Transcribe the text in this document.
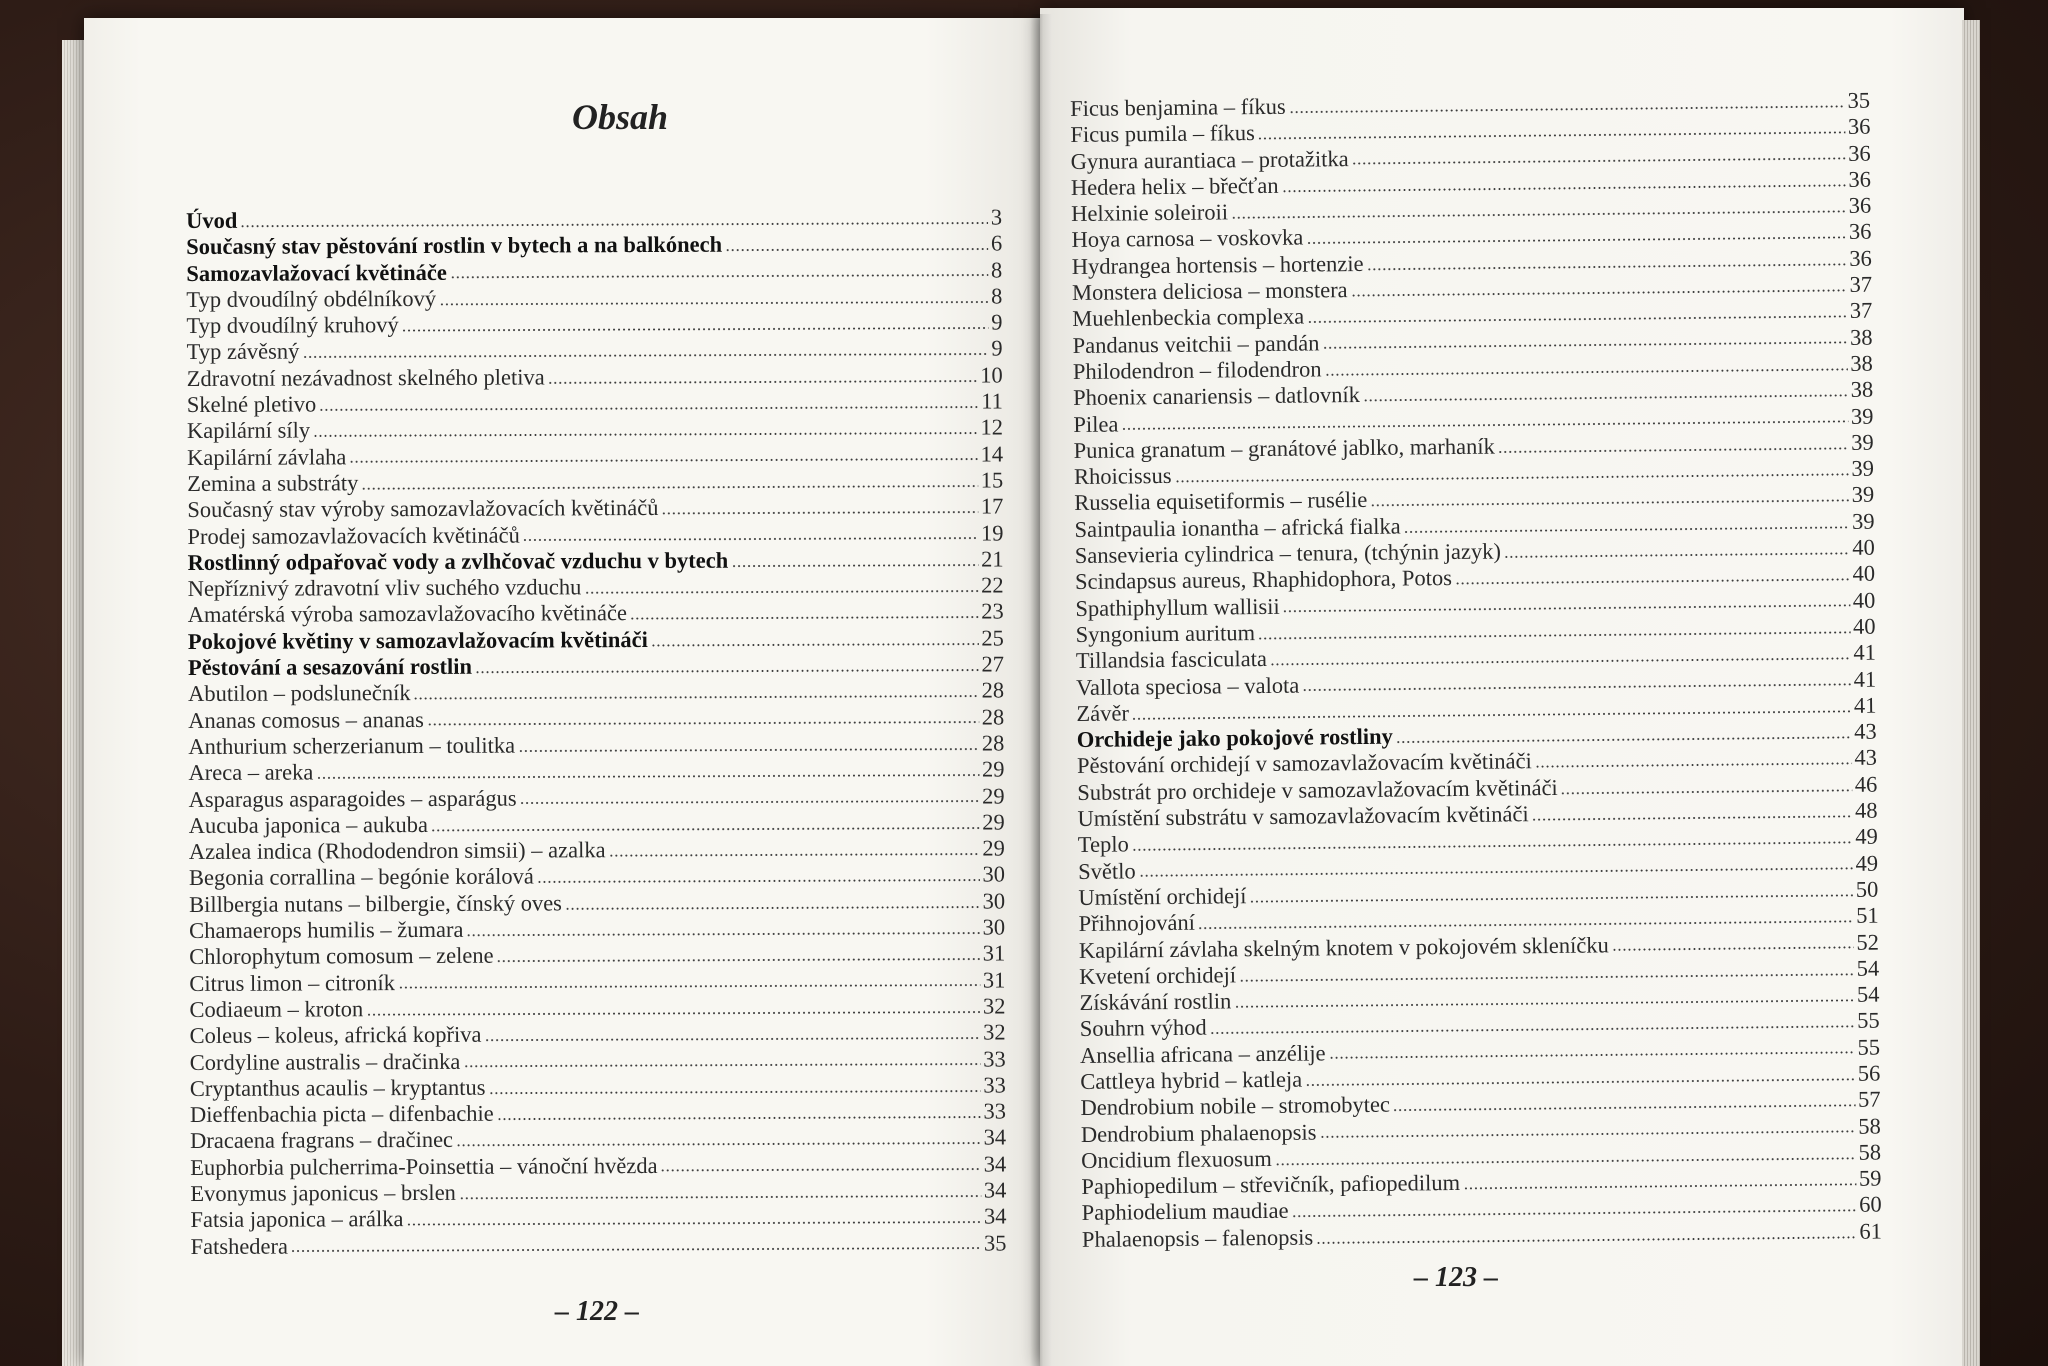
Obsah
Úvod	3
Současný stav pěstování rostlin v bytech a na balkónech	6
Samozavlažovací květináče	8
Typ dvoudílný obdélníkový	8
Typ dvoudílný kruhový	9
Typ závěsný	9
Zdravotní nezávadnost skelného pletiva	10
Skelné pletivo	11
Kapilární síly	12
Kapilární závlaha	14
Zemina a substráty	15
Současný stav výroby samozavlažovacích květináčů	17
Prodej samozavlažovacích květináčů	19
Rostlinný odpařovač vody a zvlhčovač vzduchu v bytech	21
Nepříznivý zdravotní vliv suchého vzduchu	22
Amatérská výroba samozavlažovacího květináče	23
Pokojové květiny v samozavlažovacím květináči	25
Pěstování a sesazování rostlin	27
Abutilon – podslunečník	28
Ananas comosus – ananas	28
Anthurium scherzerianum – toulitka	28
Areca – areka	29
Asparagus asparagoides – asparágus	29
Aucuba japonica – aukuba	29
Azalea indica (Rhododendron simsii) – azalka	29
Begonia corrallina – begónie korálová	30
Billbergia nutans – bilbergie, čínský oves	30
Chamaerops humilis – žumara	30
Chlorophytum comosum – zelene	31
Citrus limon – citroník	31
Codiaeum – kroton	32
Coleus – koleus, africká kopřiva	32
Cordyline australis – dračinka	33
Cryptanthus acaulis – kryptantus	33
Dieffenbachia picta – difenbachie	33
Dracaena fragrans – dračinec	34
Euphorbia pulcherrima-Poinsettia – vánoční hvězda	34
Evonymus japonicus – brslen	34
Fatsia japonica – arálka	34
Fatshedera	35
Ficus benjamina – fíkus	35
Ficus pumila – fíkus	36
Gynura aurantiaca – protažitka	36
Hedera helix – břečťan	36
Helxinie soleiroii	36
Hoya carnosa – voskovka	36
Hydrangea hortensis – hortenzie	36
Monstera deliciosa – monstera	37
Muehlenbeckia complexa	37
Pandanus veitchii – pandán	38
Philodendron – filodendron	38
Phoenix canariensis – datlovník	38
Pilea	39
Punica granatum – granátové jablko, marhaník	39
Rhoicissus	39
Russelia equisetiformis – rusélie	39
Saintpaulia ionantha – africká fialka	39
Sansevieria cylindrica – tenura, (tchýnin jazyk)	40
Scindapsus aureus, Rhaphidophora, Potos	40
Spathiphyllum wallisii	40
Syngonium auritum	40
Tillandsia fasciculata	41
Vallota speciosa – valota	41
Závěr	41
Orchideje jako pokojové rostliny	43
Pěstování orchidejí v samozavlažovacím květináči	43
Substrát pro orchideje v samozavlažovacím květináči	46
Umístění substrátu v samozavlažovacím květináči	48
Teplo	49
Světlo	49
Umístění orchidejí	50
Přihnojování	51
Kapilární závlaha skelným knotem v pokojovém skleníčku	52
Kvetení orchidejí	54
Získávání rostlin	54
Souhrn výhod	55
Ansellia africana – anzélije	55
Cattleya hybrid – katleja	56
Dendrobium nobile – stromobytec	57
Dendrobium phalaenopsis	58
Oncidium flexuosum	58
Paphiopedilum – střevičník, pafiopedilum	59
Paphiodelium maudiae	60
Phalaenopsis – falenopsis	61
– 122 –
– 123 –
